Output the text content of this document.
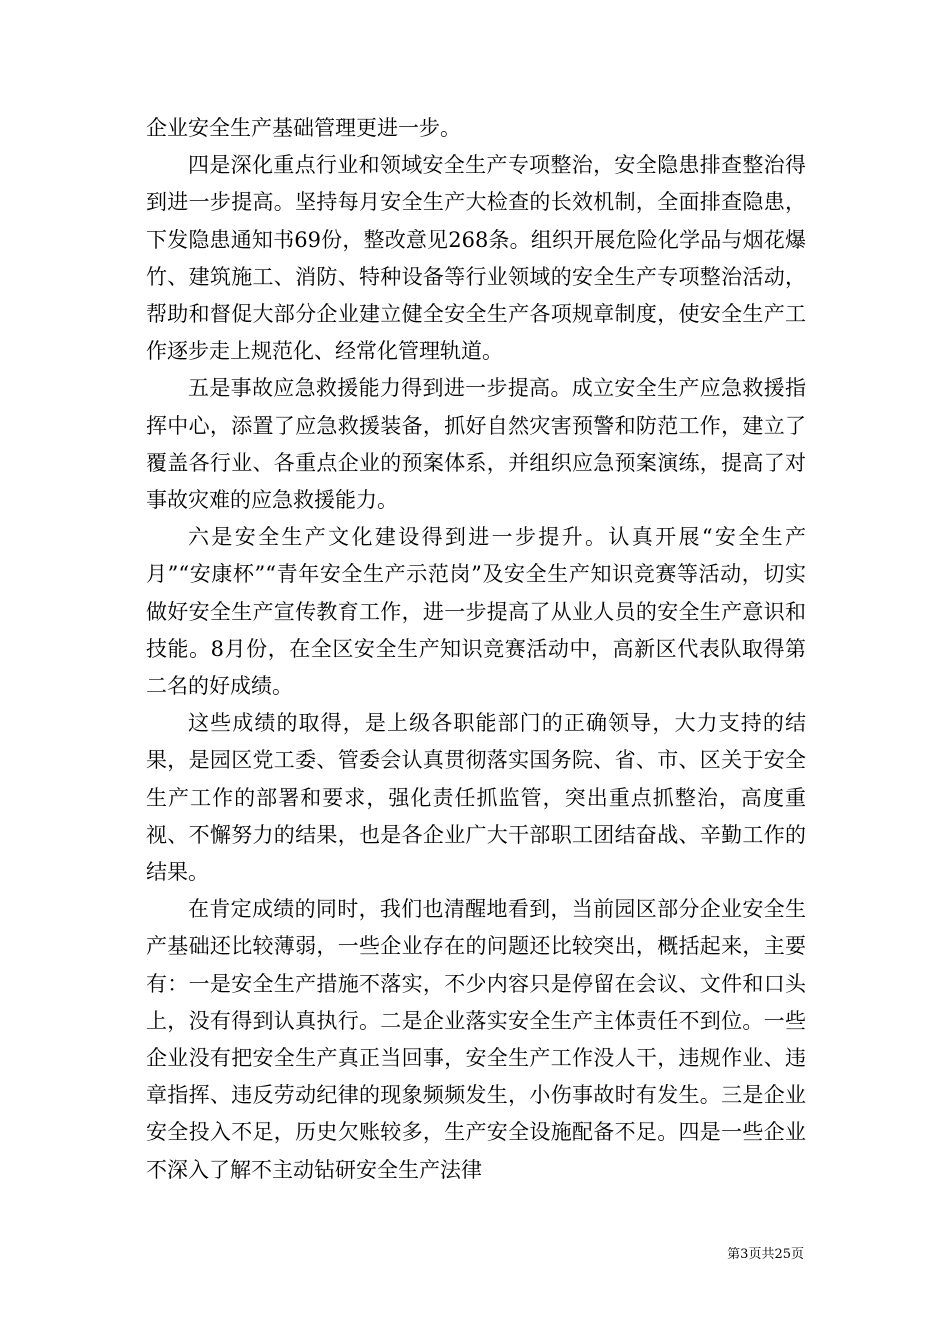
企业安全生产基础管理更进一步。

四是深化重点行业和领域安全生产专项整治，安全隐患排查整治得到进一步提高。坚持每月安全生产大检查的长效机制，全面排查隐患，下发隐患通知书69份，整改意见268条。组织开展危险化学品与烟花爆竹、建筑施工、消防、特种设备等行业领域的安全生产专项整治活动，帮助和督促大部分企业建立健全安全生产各项规章制度，使安全生产工作逐步走上规范化、经常化管理轨道。

五是事故应急救援能力得到进一步提高。成立安全生产应急救援指挥中心，添置了应急救援装备，抓好自然灾害预警和防范工作，建立了覆盖各行业、各重点企业的预案体系，并组织应急预案演练，提高了对事故灾难的应急救援能力。

六是安全生产文化建设得到进一步提升。认真开展“安全生产月”“安康杯”“青年安全生产示范岗”及安全生产知识竞赛等活动，切实做好安全生产宣传教育工作，进一步提高了从业人员的安全生产意识和技能。8月份，在全区安全生产知识竞赛活动中，高新区代表队取得第二名的好成绩。

这些成绩的取得，是上级各职能部门的正确领导，大力支持的结果，是园区党工委、管委会认真贯彻落实国务院、省、市、区关于安全生产工作的部署和要求，强化责任抓监管，突出重点抓整治，高度重视、不懈努力的结果，也是各企业广大干部职工团结奋战、辛勤工作的结果。

在肯定成绩的同时，我们也清醒地看到，当前园区部分企业安全生产基础还比较薄弱，一些企业存在的问题还比较突出，概括起来，主要有：一是安全生产措施不落实，不少内容只是停留在会议、文件和口头上，没有得到认真执行。二是企业落实安全生产主体责任不到位。一些企业没有把安全生产真正当回事，安全生产工作没人干，违规作业、违章指挥、违反劳动纪律的现象频频发生，小伤事故时有发生。三是企业安全投入不足，历史欠账较多，生产安全设施配备不足。四是一些企业不深入了解不主动钻研安全生产法律

第3页共25页
